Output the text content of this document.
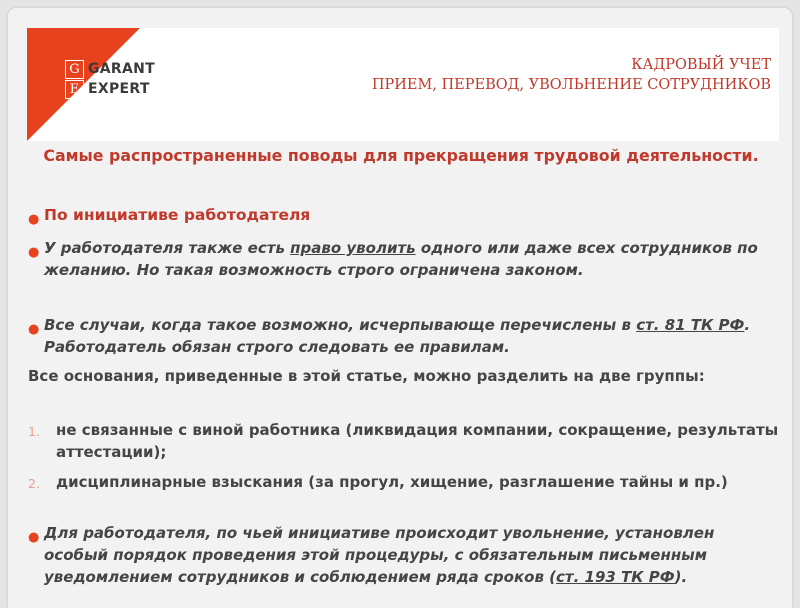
G
E
GARANT
EXPERT
ООО "ИЦ "ГарантЭксперт"
КАДРОВЫЙ УЧЕТ
ПРИЕМ, ПЕРЕВОД, УВОЛЬНЕНИЕ СОТРУДНИКОВ
Самые распространенные поводы для прекращения трудовой деятельности.
● По инициативе работодателя
● У работодателя также есть право уволить одного или даже всех сотрудников по желанию. Но такая возможность строго ограничена законом.
● Все случаи, когда такое возможно, исчерпывающе перечислены в ст. 81 ТК РФ. Работодатель обязан строго следовать ее правилам.
Все основания, приведенные в этой статье, можно разделить на две группы:
1. не связанные с виной работника (ликвидация компании, сокращение, результаты аттестации);
2. дисциплинарные взыскания (за прогул, хищение, разглашение тайны и пр.)
● Для работодателя, по чьей инициативе происходит увольнение, установлен особый порядок проведения этой процедуры, с обязательным письменным уведомлением сотрудников и соблюдением ряда сроков (ст. 193 ТК РФ).
